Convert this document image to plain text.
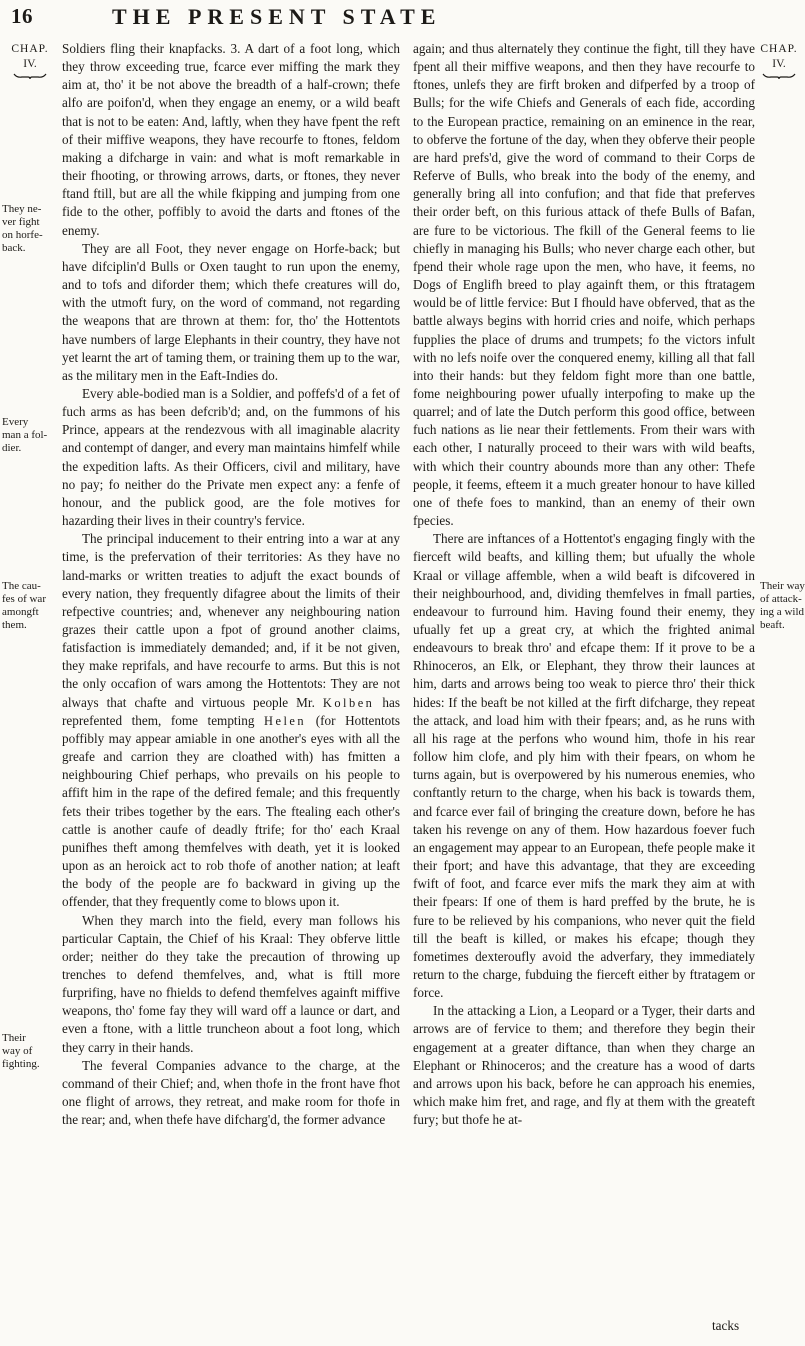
16	THE PRESENT STATE
CHAP.
IV.
CHAP.
IV.

Soldiers fling their knapfacks. 3. A dart of a foot long, which they throw exceeding true, fcarce ever miffing the mark they aim at, tho' it be not above the breadth of a half-crown; thefe alfo are poifon'd, when they engage an enemy, or a wild beaft that is not to be eaten: And, laftly, when they have fpent the reft of their miffive weapons, they have recourfe to ftones, feldom making a difcharge in vain: and what is moft remarkable in their fhooting, or throwing arrows, darts, or ftones, they never ftand ftill, but are all the while fkipping and jumping from one fide to the other, poffibly to avoid the darts and ftones of the enemy.

They are all Foot, they never engage on Horfe-back; but have difciplin'd Bulls or Oxen taught to run upon the enemy, and to tofs and diforder them; which thefe creatures will do, with the utmoft fury, on the word of command, not regarding the weapons that are thrown at them: for, tho' the Hottentots have numbers of large Elephants in their country, they have not yet learnt the art of taming them, or training them up to the war, as the military men in the Eaft-Indies do.

Every able-bodied man is a Soldier, and poffefs'd of a fet of fuch arms as has been defcrib'd; and, on the fummons of his Prince, appears at the rendezvous with all imaginable alacrity and contempt of danger, and every man maintains himfelf while the expedition lafts. As their Officers, civil and military, have no pay; fo neither do the Private men expect any: a fenfe of honour, and the publick good, are the fole motives for hazarding their lives in their country's fervice.

The principal inducement to their entring into a war at any time, is the prefervation of their territories: As they have no land-marks or written treaties to adjuft the exact bounds of every nation, they frequently difagree about the limits of their refpective countries; and, whenever any neighbouring nation grazes their cattle upon a fpot of ground another claims, fatisfaction is immediately demanded; and, if it be not given, they make reprifals, and have recourfe to arms. But this is not the only occafion of wars among the Hottentots: They are not always that chafte and virtuous people Mr. Kolben has reprefented them, fome tempting Helen (for Hottentots poffibly may appear amiable in one another's eyes with all the greafe and carrion they are cloathed with) has fmitten a neighbouring Chief perhaps, who prevails on his people to affift him in the rape of the defired female; and this frequently fets their tribes together by the ears. The ftealing each other's cattle is another caufe of deadly ftrife; for tho' each Kraal punifhes theft among themfelves with death, yet it is looked upon as an heroick act to rob thofe of another nation; at leaft the body of the people are fo backward in giving up the offender, that they frequently come to blows upon it.

When they march into the field, every man follows his particular Captain, the Chief of his Kraal: They obferve little order; neither do they take the precaution of throwing up trenches to defend themfelves, and, what is ftill more furprifing, have no fhields to defend themfelves againft miffive weapons, tho' fome fay they will ward off a launce or dart, and even a ftone, with a little truncheon about a foot long, which they carry in their hands.

The feveral Companies advance to the charge, at the command of their Chief; and, when thofe in the front have fhot one flight of arrows, they retreat, and make room for thofe in the rear; and, when thefe have difcharg'd, the former advance

again; and thus alternately they continue the fight, till they have fpent all their miffive weapons, and then they have recourfe to ftones, unlefs they are firft broken and difperfed by a troop of Bulls; for the wife Chiefs and Generals of each fide, according to the European practice, remaining on an eminence in the rear, to obferve the fortune of the day, when they obferve their people are hard prefs'd, give the word of command to their Corps de Referve of Bulls, who break into the body of the enemy, and generally bring all into confufion; and that fide that preferves their order beft, on this furious attack of thefe Bulls of Bafan, are fure to be victorious. The fkill of the General feems to lie chiefly in managing his Bulls; who never charge each other, but fpend their whole rage upon the men, who have, it feems, no Dogs of Englifh breed to play againft them, or this ftratagem would be of little fervice: But I fhould have obferved, that as the battle always begins with horrid cries and noife, which perhaps fupplies the place of drums and trumpets; fo the victors infult with no lefs noife over the conquered enemy, killing all that fall into their hands: but they feldom fight more than one battle, fome neighbouring power ufually interpofing to make up the quarrel; and of late the Dutch perform this good office, between fuch nations as lie near their fettlements. From their wars with each other, I naturally proceed to their wars with wild beafts, with which their country abounds more than any other: Thefe people, it feems, efteem it a much greater honour to have killed one of thefe foes to mankind, than an enemy of their own fpecies.

There are inftances of a Hottentot's engaging fingly with the fierceft wild beafts, and killing them; but ufually the whole Kraal or village affemble, when a wild beaft is difcovered in their neighbourhood, and, dividing themfelves in fmall parties, endeavour to furround him. Having found their enemy, they ufually fet up a great cry, at which the frighted animal endeavours to break thro' and efcape them: If it prove to be a Rhinoceros, an Elk, or Elephant, they throw their launces at him, darts and arrows being too weak to pierce thro' their thick hides: If the beaft be not killed at the firft difcharge, they repeat the attack, and load him with their fpears; and, as he runs with all his rage at the perfons who wound him, thofe in his rear follow him clofe, and ply him with their fpears, on whom he turns again, but is overpowered by his numerous enemies, who conftantly return to the charge, when his back is towards them, and fcarce ever fail of bringing the creature down, before he has taken his revenge on any of them. How hazardous foever fuch an engagement may appear to an European, thefe people make it their fport; and have this advantage, that they are exceeding fwift of foot, and fcarce ever mifs the mark they aim at with their fpears: If one of them is hard preffed by the brute, he is fure to be relieved by his companions, who never quit the field till the beaft is killed, or makes his efcape; though they fometimes dexteroufly avoid the adverfary, they immediately return to the charge, fubduing the fierceft either by ftratagem or force.

In the attacking a Lion, a Leopard or a Tyger, their darts and arrows are of fervice to them; and therefore they begin their engagement at a greater diftance, than when they charge an Elephant or Rhinoceros; and the creature has a wood of darts and arrows upon his back, before he can approach his enemies, which make him fret, and rage, and fly at them with the greateft fury; but thofe he at-

tacks
They ne-
ver fight
on horfe-
back.
Every
man a fol-
dier.
The cau-
fes of war
amongft
them.
Their
way of
fighting.
Their way
of attack-
ing a wild
beaft.
